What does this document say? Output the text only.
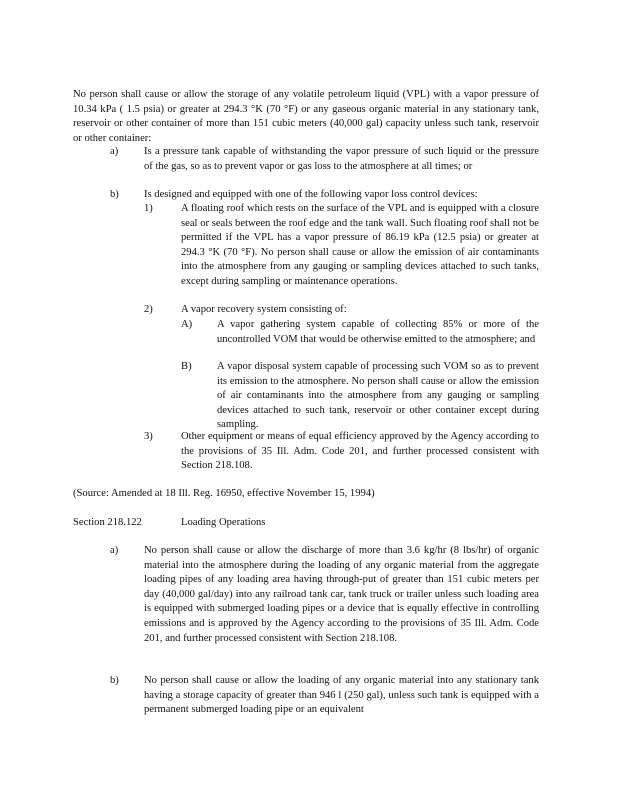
No person shall cause or allow the storage of any volatile petroleum liquid (VPL) with a vapor pressure of 10.34 kPa ( 1.5 psia) or greater at 294.3 °K (70 °F) or any gaseous organic material in any stationary tank, reservoir or other container of more than 151 cubic meters (40,000 gal) capacity unless such tank, reservoir or other container:
a) Is a pressure tank capable of withstanding the vapor pressure of such liquid or the pressure of the gas, so as to prevent vapor or gas loss to the atmosphere at all times; or
b) Is designed and equipped with one of the following vapor loss control devices:
1)	A floating roof which rests on the surface of the VPL and is equipped with a closure seal or seals between the roof edge and the tank wall. Such floating roof shall not be permitted if the VPL has a vapor pressure of 86.19 kPa (12.5 psia) or greater at 294.3 °K (70 °F). No person shall cause or allow the emission of air contaminants into the atmosphere from any gauging or sampling devices attached to such tanks, except during sampling or maintenance operations.
2)	A vapor recovery system consisting of:
A) A vapor gathering system capable of collecting 85% or more of the uncontrolled VOM that would be otherwise emitted to the atmosphere; and
B) A vapor disposal system capable of processing such VOM so as to prevent its emission to the atmosphere. No person shall cause or allow the emission of air contaminants into the atmosphere from any gauging or sampling devices attached to such tank, reservoir or other container except during sampling.
3)	Other equipment or means of equal efficiency approved by the Agency according to the provisions of 35 Ill. Adm. Code 201, and further processed consistent with Section 218.108.
(Source: Amended at 18 Ill. Reg. 16950, effective November 15, 1994)
Section 218.122	Loading Operations
a) No person shall cause or allow the discharge of more than 3.6 kg/hr (8 lbs/hr) of organic material into the atmosphere during the loading of any organic material from the aggregate loading pipes of any loading area having through-put of greater than 151 cubic meters per day (40,000 gal/day) into any railroad tank car, tank truck or trailer unless such loading area is equipped with submerged loading pipes or a device that is equally effective in controlling emissions and is approved by the Agency according to the provisions of 35 Ill. Adm. Code 201, and further processed consistent with Section 218.108.
b) No person shall cause or allow the loading of any organic material into any stationary tank having a storage capacity of greater than 946 l (250 gal), unless such tank is equipped with a permanent submerged loading pipe or an equivalent
